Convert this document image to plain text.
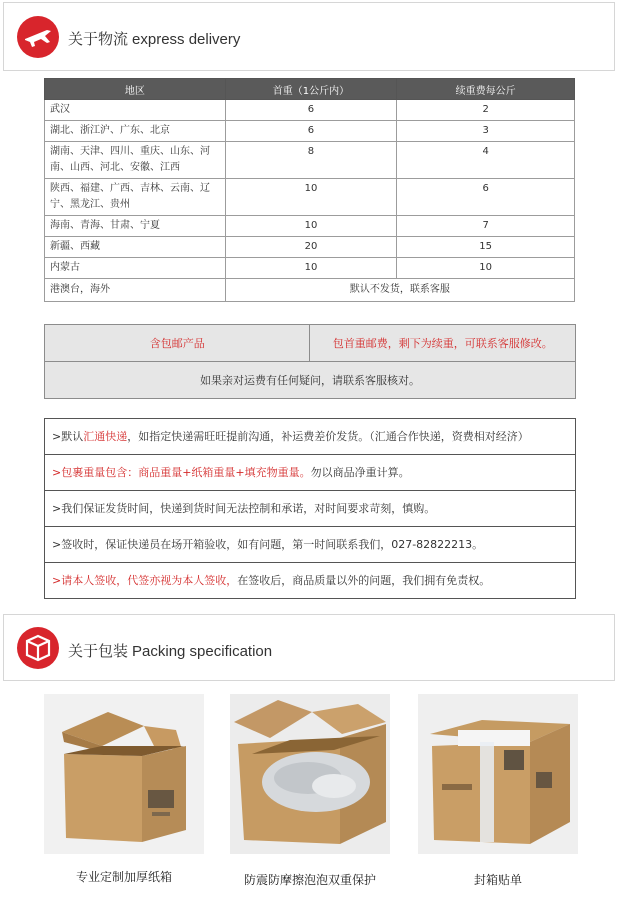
关于物流 express delivery
地区	首重（1公斤内）	续重费每公斤
武汉	6	2
湖北、浙江沪、广东、北京	6	3
湖南、天津、四川、重庆、山东、河南、山西、河北、安徽、江西	8	4
陕西、福建、广西、吉林、云南、辽宁、黑龙江、贵州	10	6
海南、青海、甘肃、宁夏	10	7
新疆、西藏	20	15
内蒙古	10	10
港澳台，海外	默认不发货，联系客服	
含包邮产品	包首重邮费，剩下为续重，可联系客服修改。
如果亲对运费有任何疑问，请联系客服核对。
>默认汇通快递，如指定快递需旺旺提前沟通，补运费差价发货。（汇通合作快递，资费相对经济）
>包裹重量包含：商品重量+纸箱重量+填充物重量。勿以商品净重计算。
>我们保证发货时间，快递到货时间无法控制和承诺，对时间要求苛刻，慎购。
>签收时，保证快递员在场开箱验收，如有问题，第一时间联系我们，027-82822213。
>请本人签收，代签亦视为本人签收，在签收后，商品质量以外的问题，我们拥有免责权。
关于包装 Packing specification
专业定制加厚纸箱	防震防摩擦泡泡双重保护	封箱贴单
